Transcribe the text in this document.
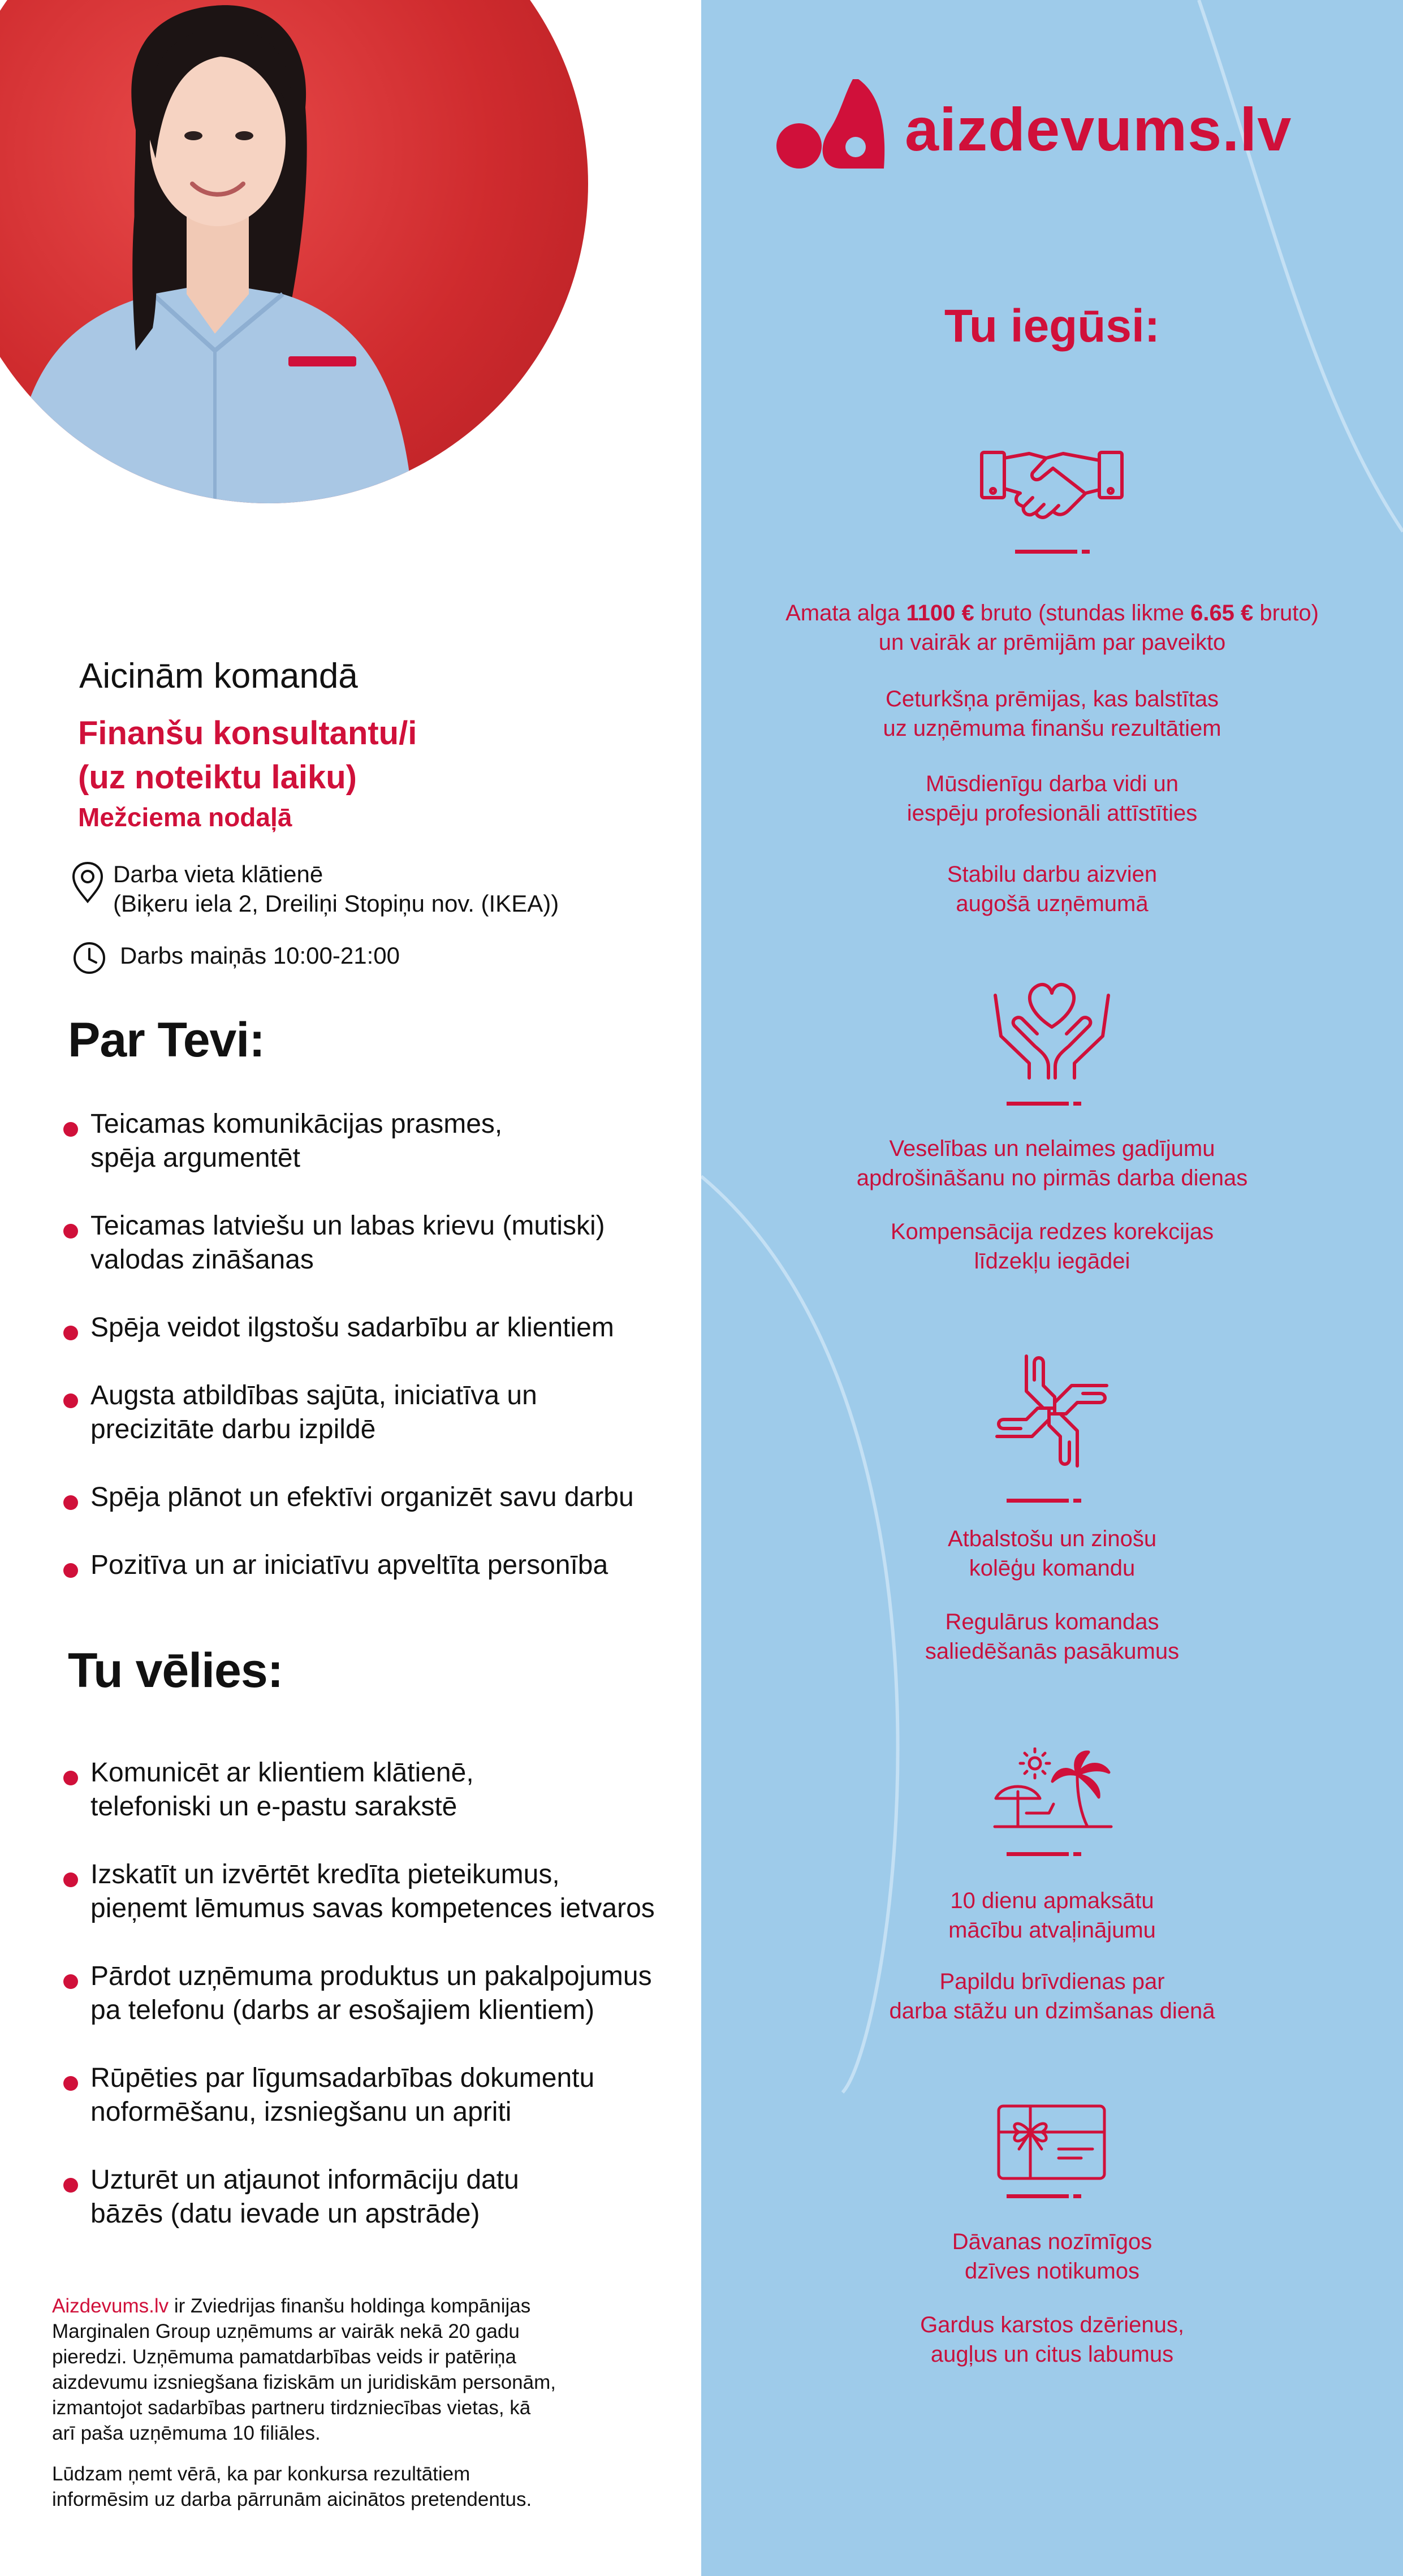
aizdevums.lv
Tu iegūsi:
Amata alga 1100 € bruto (stundas likme 6.65 € bruto)
un vairāk ar prēmijām par paveikto
Ceturkšņa prēmijas, kas balstītas
uz uzņēmuma finanšu rezultātiem
Mūsdienīgu darba vidi un
iespēju profesionāli attīstīties
Stabilu darbu aizvien
augošā uzņēmumā
Veselības un nelaimes gadījumu
apdrošināšanu no pirmās darba dienas
Kompensācija redzes korekcijas
līdzekļu iegādei
Atbalstošu un zinošu
kolēģu komandu
Regulārus komandas
saliedēšanās pasākumus
10 dienu apmaksātu
mācību atvaļinājumu
Papildu brīvdienas par
darba stāžu un dzimšanas dienā
Dāvanas nozīmīgos
dzīves notikumos
Gardus karstos dzērienus,
augļus un citus labumus
Aicinām komandā
Finanšu konsultantu/i
(uz noteiktu laiku)
Mežciema nodaļā
Darba vieta klātienē
(Biķeru iela 2, Dreiliņi Stopiņu nov. (IKEA))
Darbs maiņās 10:00-21:00
Par Tevi:
Teicamas komunikācijas prasmes,
spēja argumentēt
Teicamas latviešu un labas krievu (mutiski)
valodas zināšanas
Spēja veidot ilgstošu sadarbību ar klientiem
Augsta atbildības sajūta, iniciatīva un
precizitāte darbu izpildē
Spēja plānot un efektīvi organizēt savu darbu
Pozitīva un ar iniciatīvu apveltīta personība
Tu vēlies:
Komunicēt ar klientiem klātienē,
telefoniski un e-pastu sarakstē
Izskatīt un izvērtēt kredīta pieteikumus,
pieņemt lēmumus savas kompetences ietvaros
Pārdot uzņēmuma produktus un pakalpojumus
pa telefonu (darbs ar esošajiem klientiem)
Rūpēties par līgumsadarbības dokumentu
noformēšanu, izsniegšanu un apriti
Uzturēt un atjaunot informāciju datu
bāzēs (datu ievade un apstrāde)
Aizdevums.lv ir Zviedrijas finanšu holdinga kompānijas
Marginalen Group uzņēmums ar vairāk nekā 20 gadu
pieredzi. Uzņēmuma pamatdarbības veids ir patēriņa
aizdevumu izsniegšana fiziskām un juridiskām personām,
izmantojot sadarbības partneru tirdzniecības vietas, kā
arī paša uzņēmuma 10 filiāles.
Lūdzam ņemt vērā, ka par konkursa rezultātiem
informēsim uz darba pārrunām aicinātos pretendentus.
